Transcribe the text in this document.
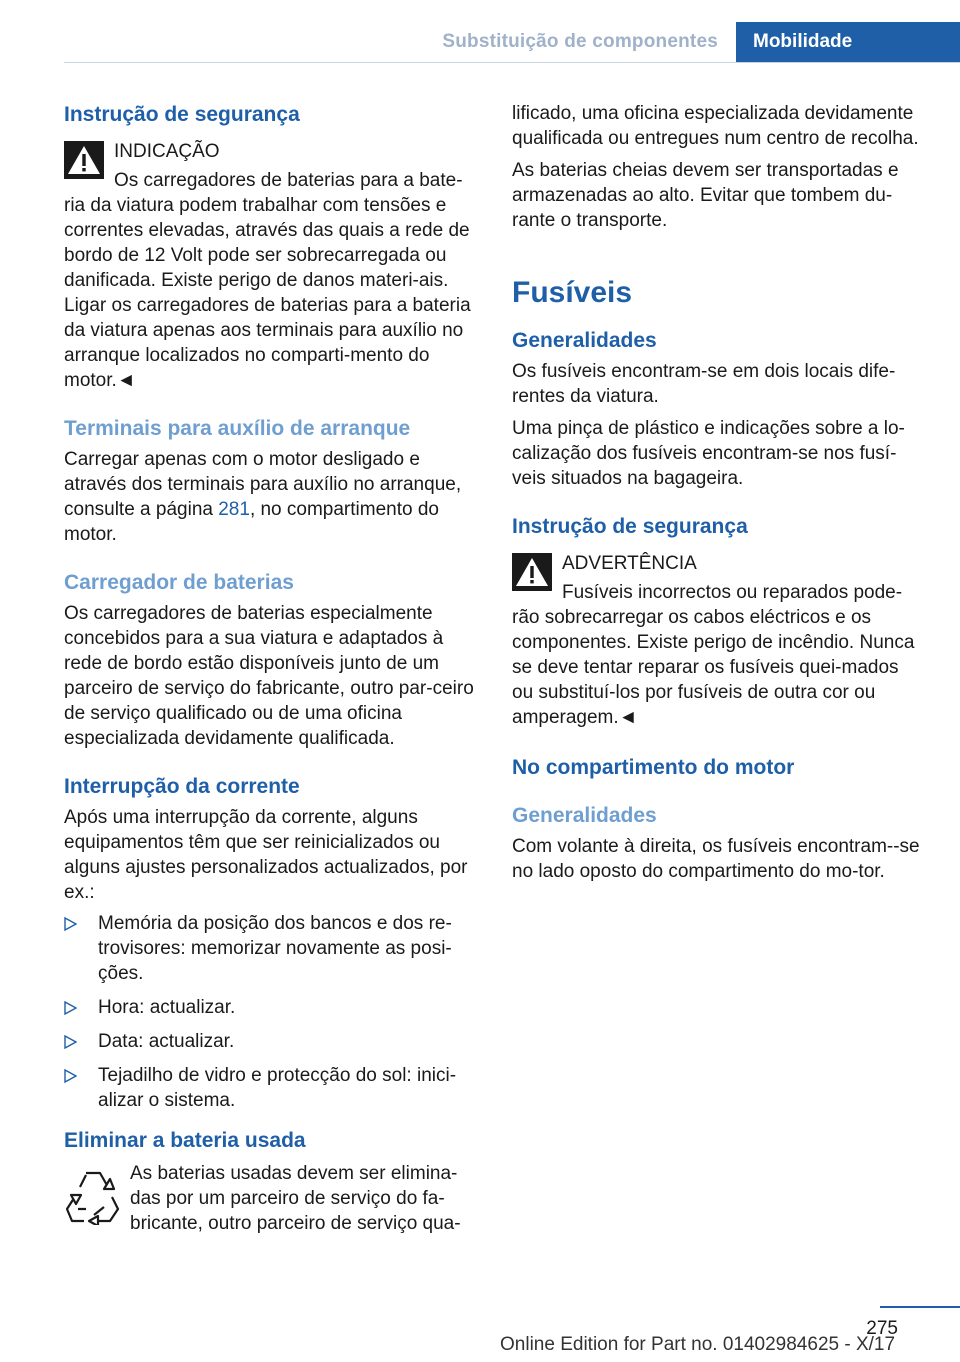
Substituição de componentes	Mobilidade
Instrução de segurança
INDICAÇÃO
Os carregadores de baterias para a bate-ria da viatura podem trabalhar com tensões e correntes elevadas, através das quais a rede de bordo de 12 Volt pode ser sobrecarregada ou danificada. Existe perigo de danos materi-ais. Ligar os carregadores de baterias para a bateria da viatura apenas aos terminais para auxílio no arranque localizados no comparti-mento do motor.◄
Terminais para auxílio de arranque

Carregar apenas com o motor desligado e através dos terminais para auxílio no arranque, consulte a página 281, no compartimento do motor.

Carregador de baterias

Os carregadores de baterias especialmente concebidos para a sua viatura e adaptados à rede de bordo estão disponíveis junto de um parceiro de serviço do fabricante, outro par-ceiro de serviço qualificado ou de uma oficina especializada devidamente qualificada.

Interrupção da corrente

Após uma interrupção da corrente, alguns equipamentos têm que ser reinicializados ou alguns ajustes personalizados actualizados, por ex.:

Memória da posição dos bancos e dos re-trovisores: memorizar novamente as posi-ções.
Hora: actualizar.
Data: actualizar.
Tejadilho de vidro e protecção do sol: inici-alizar o sistema.
Eliminar a bateria usada
As baterias usadas devem ser elimina-das por um parceiro de serviço do fa-bricante, outro parceiro de serviço qua-

lificado, uma oficina especializada devidamente qualificada ou entregues num centro de recolha.

As baterias cheias devem ser transportadas e armazenadas ao alto. Evitar que tombem du-rante o transporte.

Fusíveis
Generalidades

Os fusíveis encontram-se em dois locais dife-rentes da viatura.

Uma pinça de plástico e indicações sobre a lo-calização dos fusíveis encontram-se nos fusí-veis situados na bagageira.

Instrução de segurança
ADVERTÊNCIA
Fusíveis incorrectos ou reparados pode-rão sobrecarregar os cabos eléctricos e os componentes. Existe perigo de incêndio. Nunca se deve tentar reparar os fusíveis quei-mados ou substituí-los por fusíveis de outra cor ou amperagem.◄
No compartimento do motor
Generalidades

Com volante à direita, os fusíveis encontram--se no lado oposto do compartimento do mo-tor.

275
Online Edition for Part no. 01402984625 - X/17
